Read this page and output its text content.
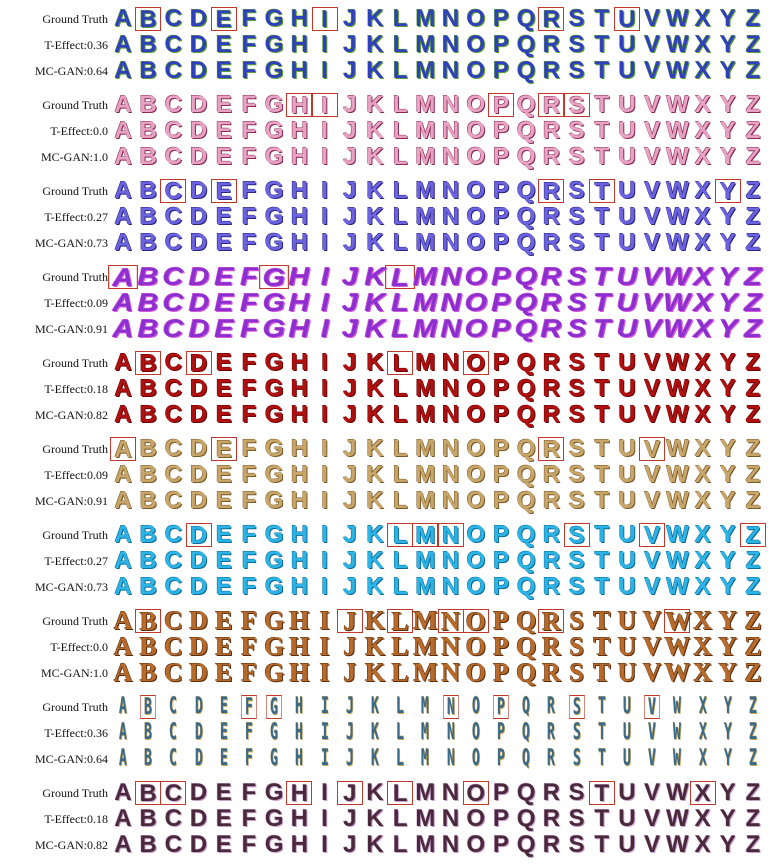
Ground Truth A B C D E F G H I J K L M N O P Q R S T U V W X Y Z
T-Effect:0.36 A B C D E F G H I J K L M N O P Q R S T U V W X Y Z
MC-GAN:0.64 A B C D E F G H I J K L M N O P Q R S T U V W X Y Z
Ground Truth A B C D E F G H I J K L M N O P Q R S T U V W X Y Z
T-Effect:0.0 A B C D E F G H I J K L M N O P Q R S T U V W X Y Z
MC-GAN:1.0 A B C D E F G H I J K L M N O P Q R S T U V W X Y Z
Ground Truth A B C D E F G H I J K L M N O P Q R S T U V W X Y Z
T-Effect:0.27 A B C D E F G H I J K L M N O P Q R S T U V W X Y Z
MC-GAN:0.73 A B C D E F G H I J K L M N O P Q R S T U V W X Y Z
Ground Truth A B C D E F G H I J K L M N O P Q R S T U V W X Y Z
T-Effect:0.09 A B C D E F G H I J K L M N O P Q R S T U V W X Y Z
MC-GAN:0.91 A B C D E F G H I J K L M N O P Q R S T U V W X Y Z
Ground Truth A B C D E F G H I J K L M N O P Q R S T U V W X Y Z
T-Effect:0.18 A B C D E F G H I J K L M N O P Q R S T U V W X Y Z
MC-GAN:0.82 A B C D E F G H I J K L M N O P Q R S T U V W X Y Z
Ground Truth A B C D E F G H I J K L M N O P Q R S T U V W X Y Z
T-Effect:0.09 A B C D E F G H I J K L M N O P Q R S T U V W X Y Z
MC-GAN:0.91 A B C D E F G H I J K L M N O P Q R S T U V W X Y Z
Ground Truth A B C D E F G H I J K L M N O P Q R S T U V W X Y Z
T-Effect:0.27 A B C D E F G H I J K L M N O P Q R S T U V W X Y Z
MC-GAN:0.73 A B C D E F G H I J K L M N O P Q R S T U V W X Y Z
Ground Truth A B C D E F G H I J K L M N O P Q R S T U V W X Y Z
T-Effect:0.0 A B C D E F G H I J K L M N O P Q R S T U V W X Y Z
MC-GAN:1.0 A B C D E F G H I J K L M N O P Q R S T U V W X Y Z
Ground Truth A B C D E F G H I J K L M N O P Q R S T U V W X Y Z
T-Effect:0.36 A B C D E F G H I J K L M N O P Q R S T U V W X Y Z
MC-GAN:0.64 A B C D E F G H I J K L M N O P Q R S T U V W X Y Z
Ground Truth A B C D E F G H I J K L M N O P Q R S T U V W X Y Z
T-Effect:0.18 A B C D E F G H I J K L M N O P Q R S T U V W X Y Z
MC-GAN:0.82 A B C D E F G H I J K L M N O P Q R S T U V W X Y Z
